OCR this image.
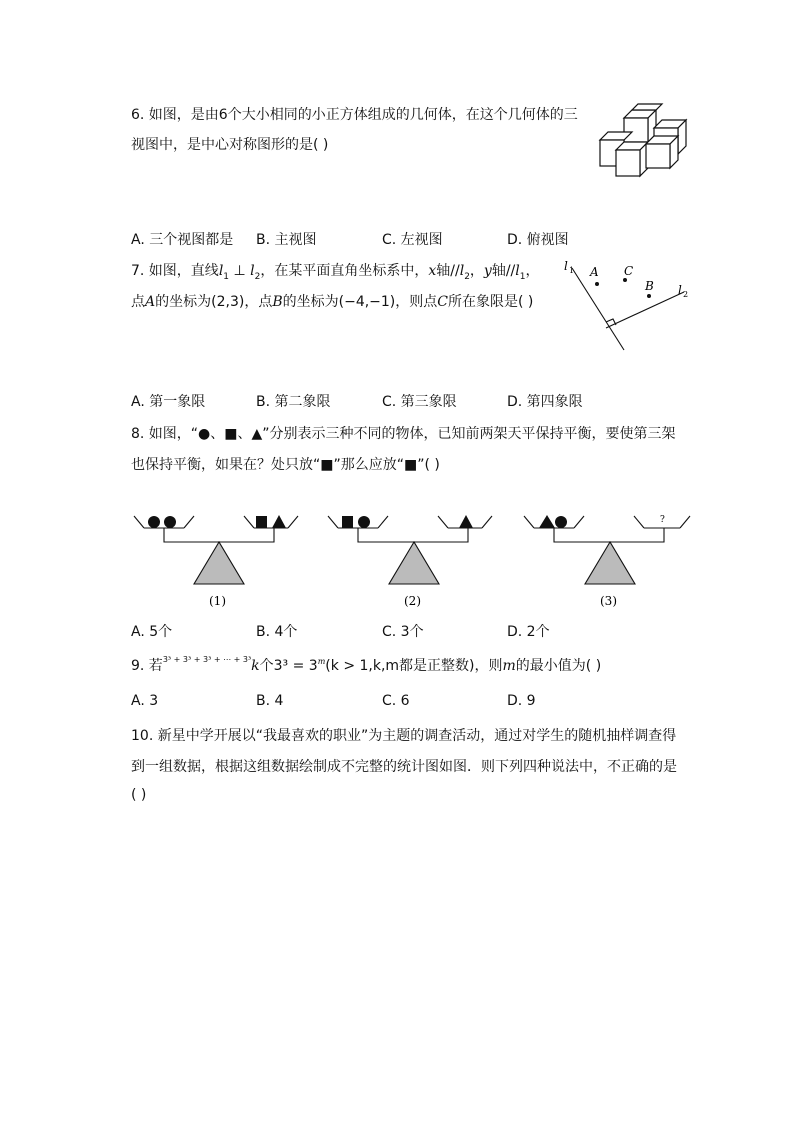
6. 如图，是由6个大小相同的小正方体组成的几何体，在这个几何体的三
视图中，是中心对称图形的是( )
A. 三个视图都是 B. 主视图	C. 左视图	D. 俯视图
7. 如图，直线$l_1$ ⊥ $l_2$，在某平面直角坐标系中，x轴$//l_2$，y轴$//l_1$，
点A的坐标为(2,3)，点B的坐标为(−4,−1)，则点C所在象限是( )
A C
B
l 1
l 2
A. 第一象限	B. 第二象限	C. 第三象限	D. 第四象限
8. 如图，“●、■、▲”分别表示三种不同的物体，已知前两架天平保持平衡，要使第三架
也保持平衡，如果在？处只放“■”那么应放“■”( )
(1)	(2)
?
(3)
A. 5个	B. 4个	C. 3个	D. 2个
9. 若$^{3^3 + 3^3 + 3^3 + \cdots + 3^3}$k个$3^3 = 3^m(k > 1,k,m$都是正整数)，则m的最小值为( )
A. 3	B. 4	C. 6	D. 9
10. 新星中学开展以“我最喜欢的职业”为主题的调查活动，通过对学生的随机抽样调查得
到一组数据，根据这组数据绘制成不完整的统计图如图．则下列四种说法中，不正确的是
( )
